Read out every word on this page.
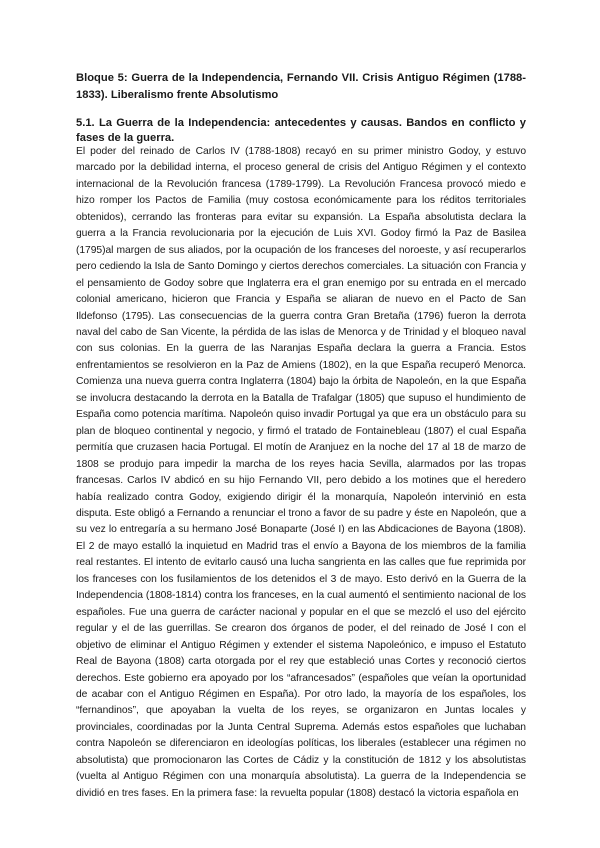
Bloque 5: Guerra de la Independencia, Fernando VII. Crisis Antiguo Régimen (1788-1833). Liberalismo frente Absolutismo

5.1. La Guerra de la Independencia: antecedentes y causas. Bandos en conflicto y fases de la guerra.

El poder del reinado de Carlos IV (1788-1808) recayó en su primer ministro Godoy, y estuvo marcado por la debilidad interna, el proceso general de crisis del Antiguo Régimen y el contexto internacional de la Revolución francesa (1789-1799). La Revolución Francesa provocó miedo e hizo romper los Pactos de Familia (muy costosa económicamente para los réditos territoriales obtenidos), cerrando las fronteras para evitar su expansión. La España absolutista declara la guerra a la Francia revolucionaria por la ejecución de Luis XVI. Godoy firmó la Paz de Basilea (1795)al margen de sus aliados, por la ocupación de los franceses del noroeste, y así recuperarlos pero cediendo la Isla de Santo Domingo y ciertos derechos comerciales. La situación con Francia y el pensamiento de Godoy sobre que Inglaterra era el gran enemigo por su entrada en el mercado colonial americano, hicieron que Francia y España se aliaran de nuevo en el Pacto de San Ildefonso (1795). Las consecuencias de la guerra contra Gran Bretaña (1796) fueron la derrota naval del cabo de San Vicente, la pérdida de las islas de Menorca y de Trinidad y el bloqueo naval con sus colonias. En la guerra de las Naranjas España declara la guerra a Francia. Estos enfrentamientos se resolvieron en la Paz de Amiens (1802), en la que España recuperó Menorca. Comienza una nueva guerra contra Inglaterra (1804) bajo la órbita de Napoleón, en la que España se involucra destacando la derrota en la Batalla de Trafalgar (1805) que supuso el hundimiento de España como potencia marítima. Napoleón quiso invadir Portugal ya que era un obstáculo para su plan de bloqueo continental y negocio, y firmó el tratado de Fontainebleau (1807) el cual España permitía que cruzasen hacia Portugal. El motín de Aranjuez en la noche del 17 al 18 de marzo de 1808 se produjo para impedir la marcha de los reyes hacia Sevilla, alarmados por las tropas francesas. Carlos IV abdicó en su hijo Fernando VII, pero debido a los motines que el heredero había realizado contra Godoy, exigiendo dirigir él la monarquía, Napoleón intervinió en esta disputa. Este obligó a Fernando a renunciar el trono a favor de su padre y éste en Napoleón, que a su vez lo entregaría a su hermano José Bonaparte (José I) en las Abdicaciones de Bayona (1808). El 2 de mayo estalló la inquietud en Madrid tras el envío a Bayona de los miembros de la familia real restantes. El intento de evitarlo causó una lucha sangrienta en las calles que fue reprimida por los franceses con los fusilamientos de los detenidos el 3 de mayo. Esto derivó en la Guerra de la Independencia (1808-1814) contra los franceses, en la cual aumentó el sentimiento nacional de los españoles. Fue una guerra de carácter nacional y popular en el que se mezcló el uso del ejército regular y el de las guerrillas. Se crearon dos órganos de poder, el del reinado de José I con el objetivo de eliminar el Antiguo Régimen y extender el sistema Napoleónico, e impuso el Estatuto Real de Bayona (1808) carta otorgada por el rey que estableció unas Cortes y reconoció ciertos derechos. Este gobierno era apoyado por los “afrancesados” (españoles que veían la oportunidad de acabar con el Antiguo Régimen en España). Por otro lado, la mayoría de los españoles, los “fernandinos”, que apoyaban la vuelta de los reyes, se organizaron en Juntas locales y provinciales, coordinadas por la Junta Central Suprema. Además estos españoles que luchaban contra Napoleón se diferenciaron en ideologías políticas, los liberales (establecer una régimen no absolutista) que promocionaron las Cortes de Cádiz y la constitución de 1812 y los absolutistas (vuelta al Antiguo Régimen con una monarquía absolutista). La guerra de la Independencia se dividió en tres fases. En la primera fase: la revuelta popular (1808) destacó la victoria española en
